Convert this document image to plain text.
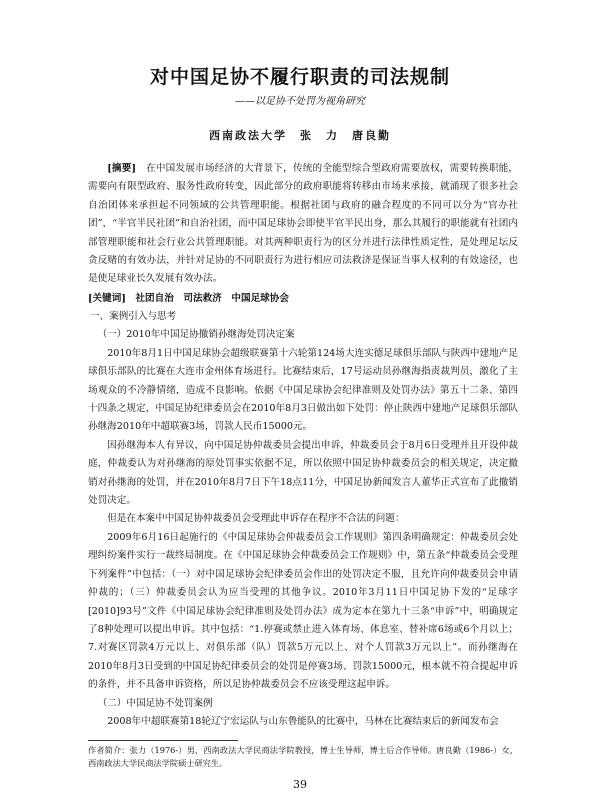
对中国足协不履行职责的司法规制
——以足协不处罚为视角研究
西南政法大学　张　力　唐良勤

[摘要]　 在中国发展市场经济的大背景下，传统的全能型综合型政府需要放权，需要转换职能，需要向有限型政府、服务性政府转变，因此部分的政府职能将转移由市场来承接，就涌现了很多社会自治团体来承担起不同领域的公共管理职能。根据社团与政府的融合程度的不同可以分为“官办社团”，“半官半民社团”和自治社团，而中国足球协会即使半官半民出身，那么其履行的职能就有社团内部管理职能和社会行业公共管理职能。对其两种职责行为的区分并进行法律性质定性，是处理足坛反贪反赌的有效办法，并针对足协的不同职责行为进行相应司法救济是保证当事人权利的有效途径，也是使足球业长久发展有效办法。

[关键词]　 社团自治　司法救济　中国足球协会

一、案例引入与思考

（一）2010年中国足协撤销孙继海处罚决定案

2010年8月1日中国足球协会超级联赛第十六轮第124场大连实德足球俱乐部队与陕西中建地产足球俱乐部队的比赛在大连市金州体育场进行。比赛结束后，17号运动员孙继海指责裁判员，激化了主场观众的不冷静情绪，造成不良影响。依据《中国足球协会纪律准则及处罚办法》第五十二条、第四十四条之规定，中国足协纪律委员会在2010年8月3日做出如下处罚：停止陕西中建地产足球俱乐部队孙继海2010年中超联赛3场，罚款人民币15000元。

因孙继海本人有异议，向中国足协仲裁委员会提出申诉，仲裁委员会于8月6日受理并且开设仲裁庭，仲裁委认为对孙继海的原处罚事实依据不足，所以依照中国足协仲裁委员会的相关规定，决定撤销对孙继海的处罚，并在2010年8月7日下午18点11分，中国足协新闻发言人董华正式宣布了此撤销处罚决定。

但是在本案中中国足协仲裁委员会受理此申诉存在程序不合法的问题：

2009年6月16日起施行的《中国足球协会仲裁委员会工作规则》第四条明确规定：仲裁委员会处理纠纷案件实行一裁终局制度。在《中国足球协会仲裁委员会工作规则》中，第五条“仲裁委员会受理下列案件”中包括：（一）对中国足球协会纪律委员会作出的处罚决定不服，且允许向仲裁委员会申请仲裁的；（三）仲裁委员会认为应当受理的其他争议。2010年3月11日中国足协下发的“足球字[2010]93号”文件《中国足球协会纪律准则及处罚办法》成为定本在第九十三条“申诉”中，明确规定了8种处理可以提出申诉。其中包括：“1.停赛或禁止进入体育场、体息室、替补席6场或6个月以上；7.对赛区罚款4万元以上、对俱乐部（队）罚款5万元以上、对个人罚款3万元以上”。而孙继海在2010年8月3日受到的中国足协纪律委员会的处罚是停赛3场、罚款15000元，根本就不符合提起申诉的条件，并不具备申诉资格，所以足协仲裁委员会不应该受理这起申诉。

（二）中国足协不处罚案例

2008年中超联赛第18轮辽宁宏运队与山东鲁能队的比赛中，马林在比赛结束后的新闻发布会

作者简介：张力（1976-）男，西南政法大学民商法学院教授，博士生导师，博士后合作导师。唐良勤（1986-）女，西南政法大学民商法学院硕士研究生。
39
